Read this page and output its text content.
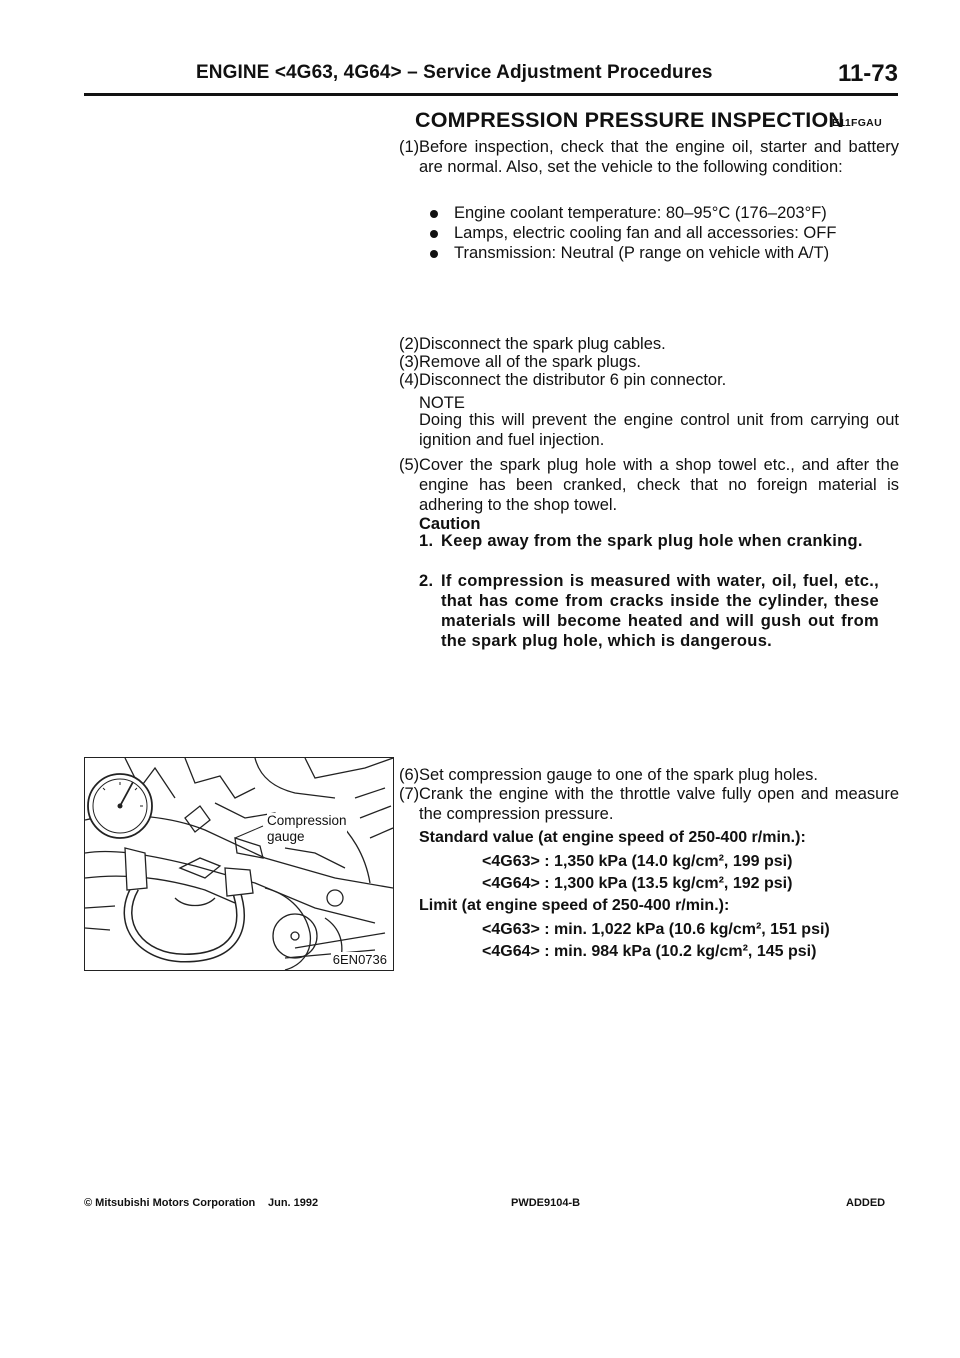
ENGINE <4G63, 4G64> – Service Adjustment Procedures	11-73
COMPRESSION PRESSURE INSPECTION
E11FGAU
(1) Before inspection, check that the engine oil, starter and battery are normal. Also, set the vehicle to the following condition:
Engine coolant temperature: 80–95°C (176–203°F)
Lamps, electric cooling fan and all accessories: OFF
Transmission: Neutral (P range on vehicle with A/T)
(2) Disconnect the spark plug cables.
(3) Remove all of the spark plugs.
(4) Disconnect the distributor 6 pin connector.
NOTE
Doing this will prevent the engine control unit from carrying out ignition and fuel injection.
(5) Cover the spark plug hole with a shop towel etc., and after the engine has been cranked, check that no foreign material is adhering to the shop towel.
Caution
1. Keep away from the spark plug hole when cranking.
2. If compression is measured with water, oil, fuel, etc., that has come from cracks inside the cylinder, these materials will become heated and will gush out from the spark plug hole, which is dangerous.
Compression
gauge
6EN0736
(6) Set compression gauge to one of the spark plug holes.
(7) Crank the engine with the throttle valve fully open and measure the compression pressure.
Standard value (at engine speed of 250-400 r/min.):
<4G63> : 1,350 kPa (14.0 kg/cm², 199 psi)
<4G64> : 1,300 kPa (13.5 kg/cm², 192 psi)
Limit (at engine speed of 250-400 r/min.):
<4G63> : min. 1,022 kPa (10.6 kg/cm², 151 psi)
<4G64> : min. 984 kPa (10.2 kg/cm², 145 psi)
© Mitsubishi Motors Corporation Jun. 1992	PWDE9104-B	ADDED
